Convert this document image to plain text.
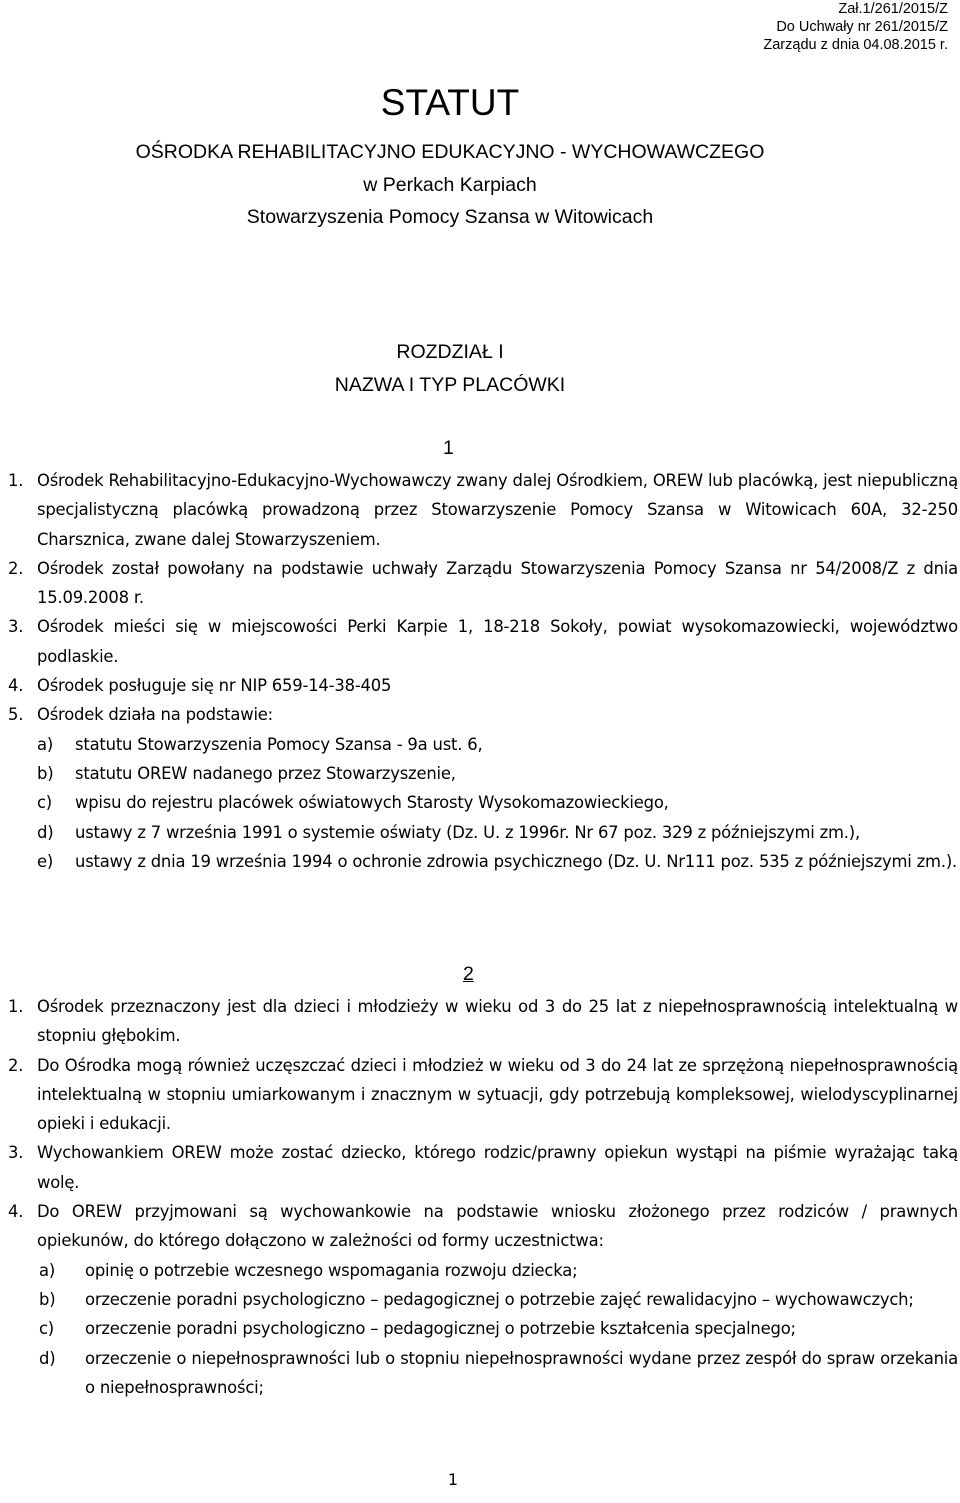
Zał.1/261/2015/Z
Do Uchwały nr 261/2015/Z
Zarządu z dnia 04.08.2015 r.
STATUT
OŚRODKA REHABILITACYJNO EDUKACYJNO - WYCHOWAWCZEGO
w Perkach Karpiach
Stowarzyszenia Pomocy Szansa w Witowicach
ROZDZIAŁ I
NAZWA I TYP PLACÓWKI
1
1. Ośrodek Rehabilitacyjno-Edukacyjno-Wychowawczy zwany dalej Ośrodkiem, OREW lub placówką, jest niepubliczną specjalistyczną placówką prowadzoną przez Stowarzyszenie Pomocy Szansa w Witowicach 60A, 32-250 Charsznica, zwane dalej Stowarzyszeniem.
2. Ośrodek został powołany na podstawie uchwały Zarządu Stowarzyszenia Pomocy Szansa nr 54/2008/Z z dnia 15.09.2008 r.
3. Ośrodek mieści się w miejscowości Perki Karpie 1, 18-218 Sokoły, powiat wysokomazowiecki, województwo podlaskie.
4. Ośrodek posługuje się nr NIP 659-14-38-405
5. Ośrodek działa na podstawie:
a) statutu Stowarzyszenia Pomocy Szansa - 9a ust. 6,
b) statutu OREW nadanego przez Stowarzyszenie,
c) wpisu do rejestru placówek oświatowych Starosty Wysokomazowieckiego,
d) ustawy z 7 września 1991 o systemie oświaty (Dz. U. z 1996r. Nr 67 poz. 329 z późniejszymi zm.),
e) ustawy z dnia 19 września 1994 o ochronie zdrowia psychicznego (Dz. U. Nr111 poz. 535 z późniejszymi zm.).
2
1. Ośrodek przeznaczony jest dla dzieci i młodzieży w wieku od 3 do 25 lat z niepełnosprawnością intelektualną w stopniu głębokim.
2. Do Ośrodka mogą również uczęszczać dzieci i młodzież w wieku od 3 do 24 lat ze sprzężoną niepełnosprawnością intelektualną w stopniu umiarkowanym i znacznym w sytuacji, gdy potrzebują kompleksowej, wielodyscyplinarnej opieki i edukacji.
3. Wychowankiem OREW może zostać dziecko, którego rodzic/prawny opiekun wystąpi na piśmie wyrażając taką wolę.
4. Do OREW przyjmowani są wychowankowie na podstawie wniosku złożonego przez rodziców / prawnych opiekunów, do którego dołączono w zależności od formy uczestnictwa:
a) opinię o potrzebie wczesnego wspomagania rozwoju dziecka;
b) orzeczenie poradni psychologiczno – pedagogicznej o potrzebie zajęć rewalidacyjno – wychowawczych;
c) orzeczenie poradni psychologiczno – pedagogicznej o potrzebie kształcenia specjalnego;
d) orzeczenie o niepełnosprawności lub o stopniu niepełnosprawności wydane przez zespół do spraw orzekania o niepełnosprawności;
1
